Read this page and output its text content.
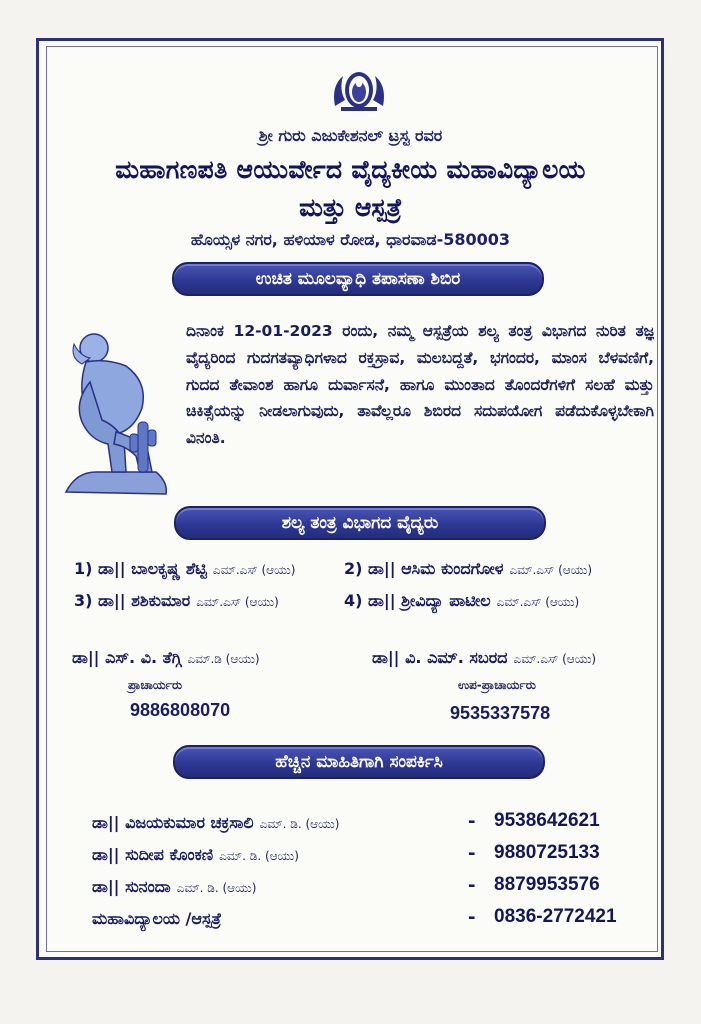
ಶ್ರೀ ಗುರು ಎಜುಕೇಶನಲ್ ಟ್ರಸ್ಟ ರವರ
ಮಹಾಗಣಪತಿ ಆಯುರ್ವೇದ ವೈದ್ಯಕೀಯ ಮಹಾವಿದ್ಯಾಲಯ
ಮತ್ತು ಆಸ್ಪತ್ರೆ
ಹೊಯ್ಸಳ ನಗರ, ಹಳಿಯಾಳ ರೋಡ, ಧಾರವಾಡ-580003
ಉಚಿತ ಮೂಲವ್ಯಾಧಿ ತಪಾಸಣಾ ಶಿಬಿರ
ದಿನಾಂಕ 12-01-2023 ರಂದು, ನಮ್ಮ ಆಸ್ಪತ್ರೆಯ ಶಲ್ಯ ತಂತ್ರ ವಿಭಾಗದ ನುರಿತ ತಜ್ಞ ವೈದ್ಯರಿಂದ ಗುದಗತವ್ಯಾಧಿಗಳಾದ ರಕ್ತಸ್ರಾವ, ಮಲಬದ್ದತೆ, ಭಗಂದರ, ಮಾಂಸ ಬೆಳವಣಿಗೆ, ಗುದದ ತೇವಾಂಶ ಹಾಗೂ ದುರ್ವಾಸನೆ, ಹಾಗೂ ಮುಂತಾದ ತೊಂದರೆಗಳಿಗೆ ಸಲಹೆ ಮತ್ತು ಚಿಕಿತ್ಸೆಯನ್ನು ನೀಡಲಾಗುವುದು, ತಾವೆಲ್ಲರೂ ಶಿಬಿರದ ಸದುಪಯೋಗ ಪಡೆದುಕೊಳ್ಳಬೇಕಾಗಿ ವಿನಂತಿ.
ಶಲ್ಯ ತಂತ್ರ ವಿಭಾಗದ ವೈದ್ಯರು
1) ಡಾ|| ಬಾಲಕೃಷ್ಣ ಶೆಟ್ಟಿ ಎಮ್.ಎಸ್ (ಆಯು)	2) ಡಾ|| ಆಸಿಮ ಕುಂದಗೋಳ ಎಮ್.ಎಸ್ (ಆಯು)
3) ಡಾ|| ಶಶಿಕುಮಾರ ಎಮ್.ಎಸ್ (ಆಯು)	4) ಡಾ|| ಶ್ರೀವಿದ್ಯಾ ಪಾಟೀಲ ಎಮ್.ಎಸ್ (ಆಯು)
ಡಾ|| ಎಸ್. ವಿ. ತೆಗ್ಗಿ ಎಮ್.ಡಿ (ಆಯು)
ಪ್ರಾಚಾರ್ಯರು
9886808070
ಡಾ|| ವಿ. ಎಮ್. ಸಬರದ ಎಮ್.ಎಸ್ (ಆಯು)
ಉಪ-ಪ್ರಾಚಾರ್ಯರು
9535337578
ಹೆಚ್ಚಿನ ಮಾಹಿತಿಗಾಗಿ ಸಂಪರ್ಕಿಸಿ
ಡಾ|| ವಿಜಯಕುಮಾರ ಚಕ್ರಸಾಲಿ ಎಮ್. ಡಿ. (ಆಯು)	- 9538642621
ಡಾ|| ಸುದೀಪ ಕೊಂಕಣಿ ಎಮ್. ಡಿ. (ಆಯು)	- 9880725133
ಡಾ|| ಸುನಂದಾ ಎಮ್. ಡಿ. (ಆಯು)	- 8879953576
ಮಹಾವಿದ್ಯಾಲಯ /ಆಸ್ಪತ್ರೆ	- 0836-2772421
